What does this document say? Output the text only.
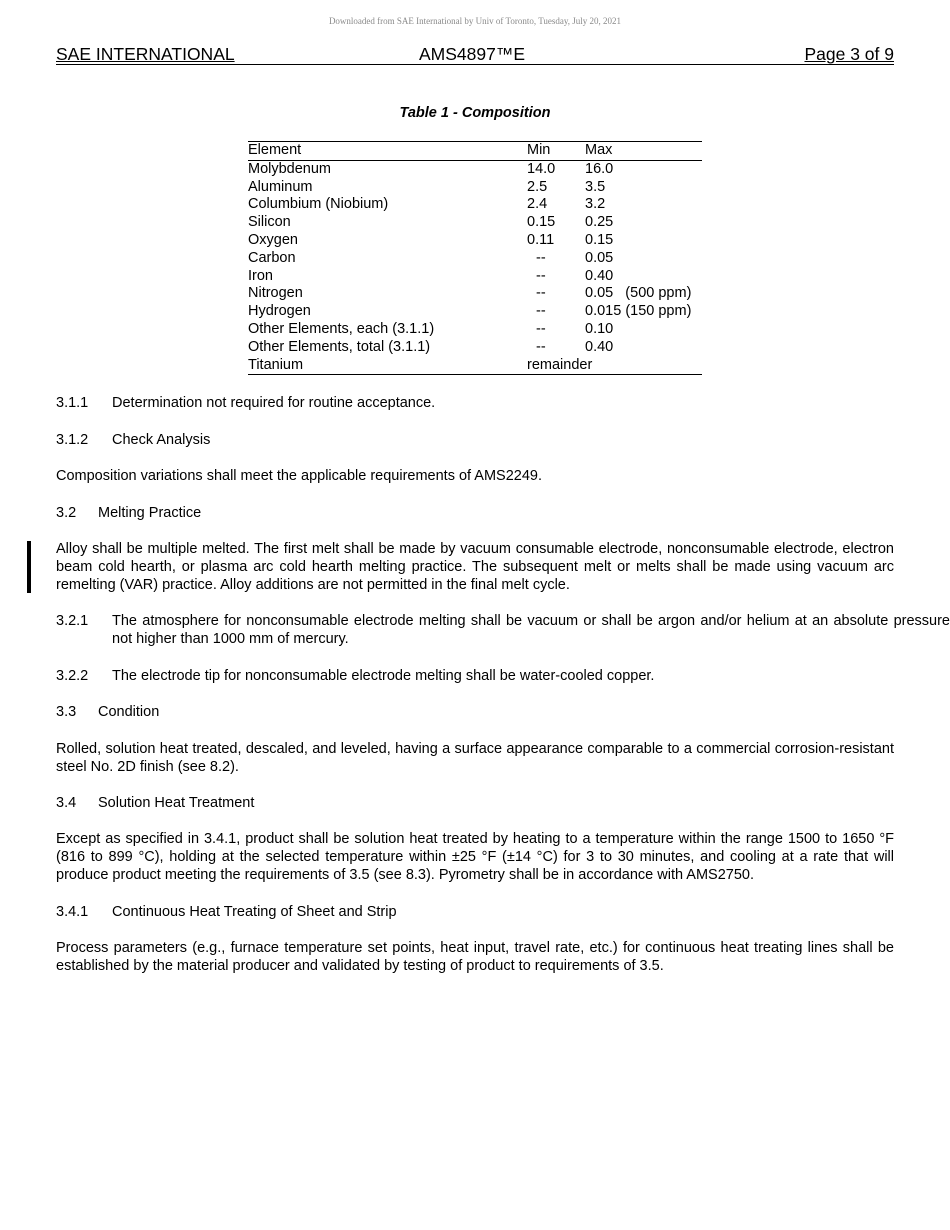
Downloaded from SAE International by Univ of Toronto, Tuesday, July 20, 2021
SAE INTERNATIONAL	AMS4897™E	Page 3 of 9
Table 1 - Composition
Element	Min	Max
Molybdenum	14.0	16.0
Aluminum	2.5	3.5
Columbium (Niobium)	2.4	3.2
Silicon	0.15	0.25
Oxygen	0.11	0.15
Carbon	--	0.05
Iron	--	0.40
Nitrogen	--	0.05   (500 ppm)
Hydrogen	--	0.015 (150 ppm)
Other Elements, each (3.1.1)	--	0.10
Other Elements, total (3.1.1)	--	0.40
Titanium	remainder	
3.1.1 Determination not required for routine acceptance.
3.1.2 Check Analysis
Composition variations shall meet the applicable requirements of AMS2249.
3.2 Melting Practice
Alloy shall be multiple melted. The first melt shall be made by vacuum consumable electrode, nonconsumable electrode, electron beam cold hearth, or plasma arc cold hearth melting practice. The subsequent melt or melts shall be made using vacuum arc remelting (VAR) practice. Alloy additions are not permitted in the final melt cycle.
3.2.1 The atmosphere for nonconsumable electrode melting shall be vacuum or shall be argon and/or helium at an absolute pressure not higher than 1000 mm of mercury.
3.2.2 The electrode tip for nonconsumable electrode melting shall be water-cooled copper.
3.3 Condition
Rolled, solution heat treated, descaled, and leveled, having a surface appearance comparable to a commercial corrosion-resistant steel No. 2D finish (see 8.2).
3.4 Solution Heat Treatment
Except as specified in 3.4.1, product shall be solution heat treated by heating to a temperature within the range 1500 to 1650 °F (816 to 899 °C), holding at the selected temperature within ±25 °F (±14 °C) for 3 to 30 minutes, and cooling at a rate that will produce product meeting the requirements of 3.5 (see 8.3). Pyrometry shall be in accordance with AMS2750.
3.4.1 Continuous Heat Treating of Sheet and Strip
Process parameters (e.g., furnace temperature set points, heat input, travel rate, etc.) for continuous heat treating lines shall be established by the material producer and validated by testing of product to requirements of 3.5.
